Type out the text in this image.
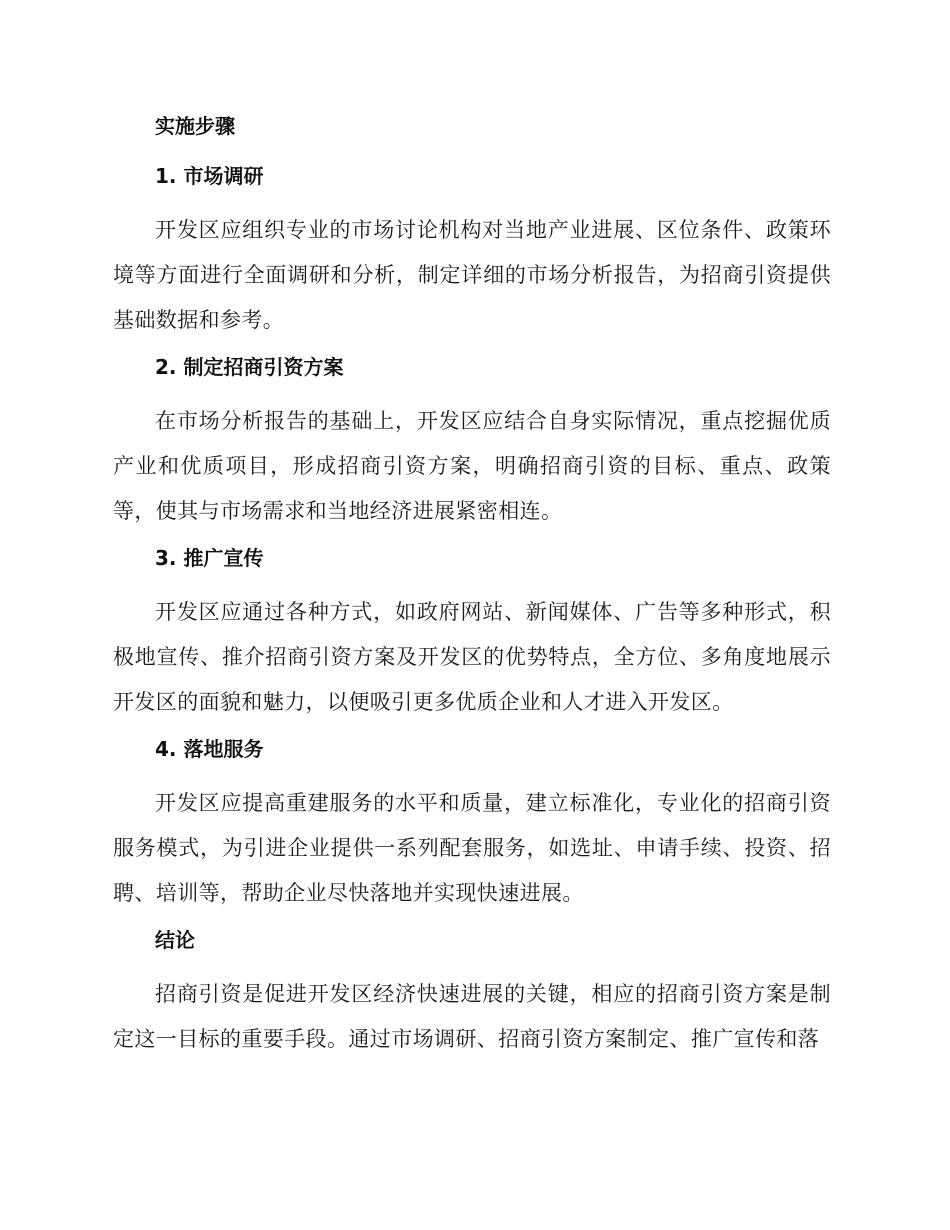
实施步骤
1. 市场调研

开发区应组织专业的市场讨论机构对当地产业进展、区位条件、政策环境等方面进行全面调研和分析，制定详细的市场分析报告，为招商引资提供基础数据和参考。

2. 制定招商引资方案

在市场分析报告的基础上，开发区应结合自身实际情况，重点挖掘优质产业和优质项目，形成招商引资方案，明确招商引资的目标、重点、政策等，使其与市场需求和当地经济进展紧密相连。

3. 推广宣传

开发区应通过各种方式，如政府网站、新闻媒体、广告等多种形式，积极地宣传、推介招商引资方案及开发区的优势特点，全方位、多角度地展示开发区的面貌和魅力，以便吸引更多优质企业和人才进入开发区。

4. 落地服务

开发区应提高重建服务的水平和质量，建立标准化，专业化的招商引资服务模式，为引进企业提供一系列配套服务，如选址、申请手续、投资、招聘、培训等，帮助企业尽快落地并实现快速进展。

结论

招商引资是促进开发区经济快速进展的关键，相应的招商引资方案是制定这一目标的重要手段。通过市场调研、招商引资方案制定、推广宣传和落
